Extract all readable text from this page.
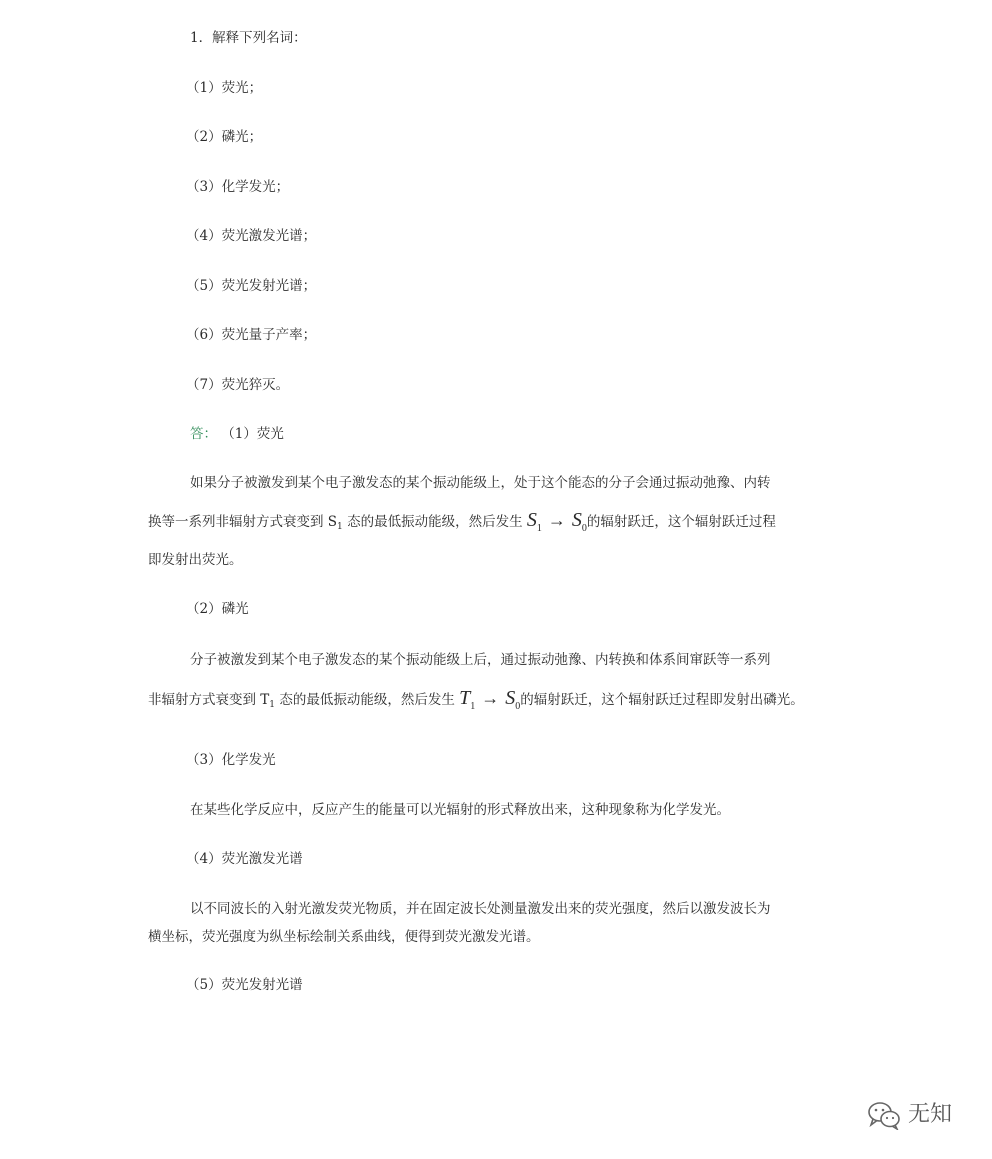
1．解释下列名词：
（1）荧光；
（2）磷光；
（3）化学发光；
（4）荧光激发光谱；
（5）荧光发射光谱；
（6）荧光量子产率；
（7）荧光猝灭。
答： （1）荧光
如果分子被激发到某个电子激发态的某个振动能级上，处于这个能态的分子会通过振动弛豫、内转
换等一系列非辐射方式衰变到 $S_1$ 态的最低振动能级，然后发生 $S_1 \to S_0$的辐射跃迁，这个辐射跃迁过程
即发射出荧光。
（2）磷光
分子被激发到某个电子激发态的某个振动能级上后，通过振动弛豫、内转换和体系间窜跃等一系列
非辐射方式衰变到 $T_1$ 态的最低振动能级，然后发生 $T_1 \to S_0$的辐射跃迁，这个辐射跃迁过程即发射出磷光。
（3）化学发光
在某些化学反应中，反应产生的能量可以光辐射的形式释放出来，这种现象称为化学发光。
（4）荧光激发光谱
以不同波长的入射光激发荧光物质，并在固定波长处测量激发出来的荧光强度，然后以激发波长为
横坐标，荧光强度为纵坐标绘制关系曲线，便得到荧光激发光谱。
（5）荧光发射光谱
无知
